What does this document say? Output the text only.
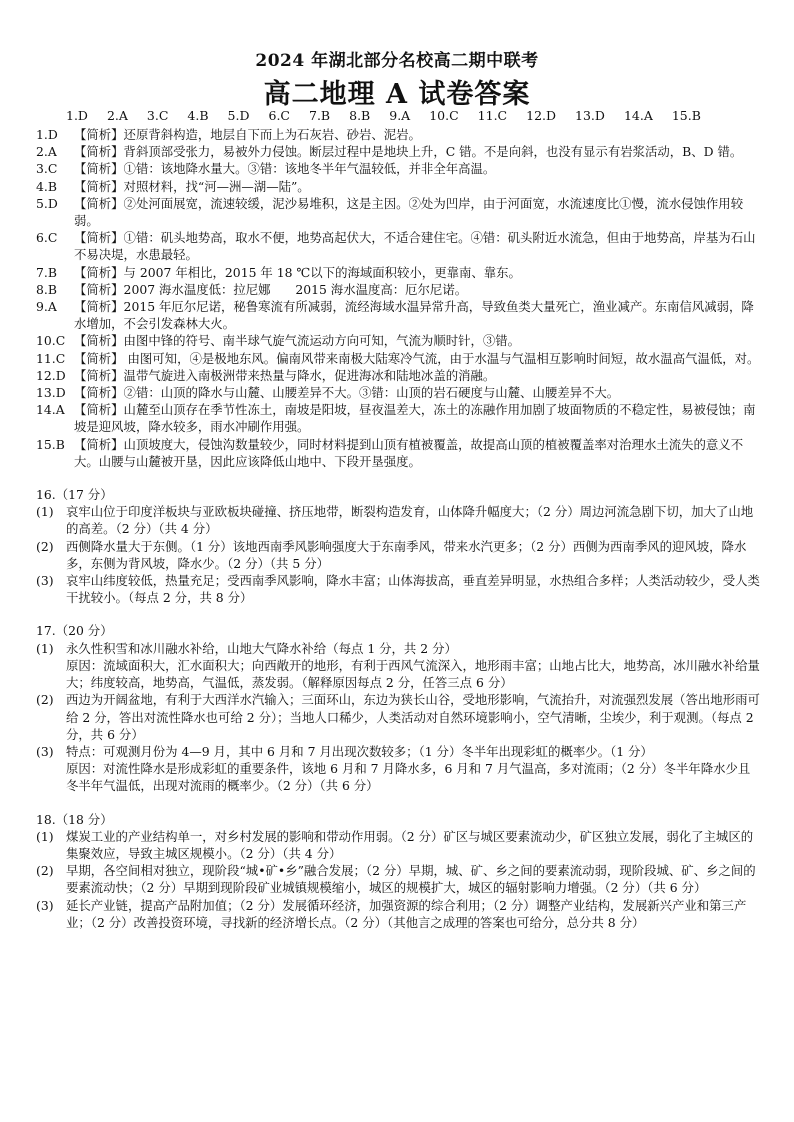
2024 年湖北部分名校高二期中联考
高二地理 A 试卷答案
1.D 2.A 3.C 4.B 5.D 6.C 7.B 8.B 9.A 10.C 11.C 12.D 13.D 14.A 15.B
1.D	【简析】还原背斜构造，地层自下而上为石灰岩、砂岩、泥岩。
2.A	【简析】背斜顶部受张力，易被外力侵蚀。断层过程中是地块上升，C 错。不是向斜，也没有显示有岩浆活动，B、D 错。
3.C	【简析】①错：该地降水量大。③错：该地冬半年气温较低，并非全年高温。
4.B	【简析】对照材料，找“河—洲—湖—陆”。
5.D	【简析】②处河面展宽，流速较缓，泥沙易堆积，这是主因。②处为凹岸，由于河面宽，水流速度比①慢，流水侵蚀作用较弱。
6.C	【简析】①错：矶头地势高，取水不便，地势高起伏大，不适合建住宅。④错：矶头附近水流急，但由于地势高，岸基为石山不易决堤，水患最轻。
7.B	【简析】与 2007 年相比，2015 年 18 ℃以下的海域面积较小，更靠南、靠东。
8.B	【简析】2007 海水温度低：拉尼娜　　2015 海水温度高：厄尔尼诺。
9.A	【简析】2015 年厄尔尼诺，秘鲁寒流有所减弱，流经海域水温异常升高，导致鱼类大量死亡，渔业减产。东南信风减弱，降水增加，不会引发森林大火。
10.C 【简析】由图中锋的符号、南半球气旋气流运动方向可知，气流为顺时针，③错。
11.C 【简析】 由图可知，④是极地东风。偏南风带来南极大陆寒冷气流，由于水温与气温相互影响时间短，故水温高气温低，对。
12.D 【简析】温带气旋进入南极洲带来热量与降水，促进海冰和陆地冰盖的消融。
13.D 【简析】②错：山顶的降水与山麓、山腰差异不大。③错：山顶的岩石硬度与山麓、山腰差异不大。
14.A 【简析】山麓至山顶存在季节性冻土，南坡是阳坡，昼夜温差大，冻土的冻融作用加剧了坡面物质的不稳定性，易被侵蚀；南坡是迎风坡，降水较多，雨水冲刷作用强。
15.B 【简析】山顶坡度大，侵蚀沟数量较少，同时材料提到山顶有植被覆盖，故提高山顶的植被覆盖率对治理水土流失的意义不大。山腰与山麓被开垦，因此应该降低山地中、下段开垦强度。
16.（17 分）
(1)	哀牢山位于印度洋板块与亚欧板块碰撞、挤压地带，断裂构造发育，山体降升幅度大；（2 分）周边河流急剧下切，加大了山地的高差。（2 分）（共 4 分）
(2)	西侧降水量大于东侧。（1 分）该地西南季风影响强度大于东南季风，带来水汽更多；（2 分）西侧为西南季风的迎风坡，降水多，东侧为背风坡，降水少。（2 分）（共 5 分）
(3)	哀牢山纬度较低，热量充足；受西南季风影响，降水丰富；山体海拔高，垂直差异明显，水热组合多样；人类活动较少，受人类干扰较小。（每点 2 分，共 8 分）
17.（20 分）
(1)	永久性积雪和冰川融水补给，山地大气降水补给（每点 1 分，共 2 分）
原因：流域面积大，汇水面积大；向西敞开的地形，有利于西风气流深入，地形雨丰富；山地占比大，地势高，冰川融水补给量大；纬度较高，地势高，气温低，蒸发弱。（解释原因每点 2 分，任答三点 6 分）
(2)	西边为开阔盆地，有利于大西洋水汽输入；三面环山，东边为狭长山谷，受地形影响，气流抬升，对流强烈发展（答出地形雨可给 2 分，答出对流性降水也可给 2 分）；当地人口稀少，人类活动对自然环境影响小，空气清晰，尘埃少，利于观测。（每点 2 分，共 6 分）
(3)	特点：可观测月份为 4—9 月，其中 6 月和 7 月出现次数较多；（1 分）冬半年出现彩虹的概率少。（1 分）
原因：对流性降水是形成彩虹的重要条件，该地 6 月和 7 月降水多，6 月和 7 月气温高，多对流雨；（2 分）冬半年降水少且冬半年气温低，出现对流雨的概率少。（2 分）（共 6 分）
18.（18 分）
(1)	煤炭工业的产业结构单一，对乡村发展的影响和带动作用弱。（2 分）矿区与城区要素流动少，矿区独立发展，弱化了主城区的集聚效应，导致主城区规模小。（2 分）（共 4 分）
(2)	早期，各空间相对独立，现阶段“城•矿•乡”融合发展；（2 分）早期，城、矿、乡之间的要素流动弱，现阶段城、矿、乡之间的要素流动快；（2 分）早期到现阶段矿业城镇规模缩小，城区的规模扩大，城区的辐射影响力增强。（2 分）（共 6 分）
(3)	延长产业链，提高产品附加值；（2 分）发展循环经济，加强资源的综合利用；（2 分）调整产业结构，发展新兴产业和第三产业；（2 分）改善投资环境，寻找新的经济增长点。（2 分）（其他言之成理的答案也可给分，总分共 8 分）
